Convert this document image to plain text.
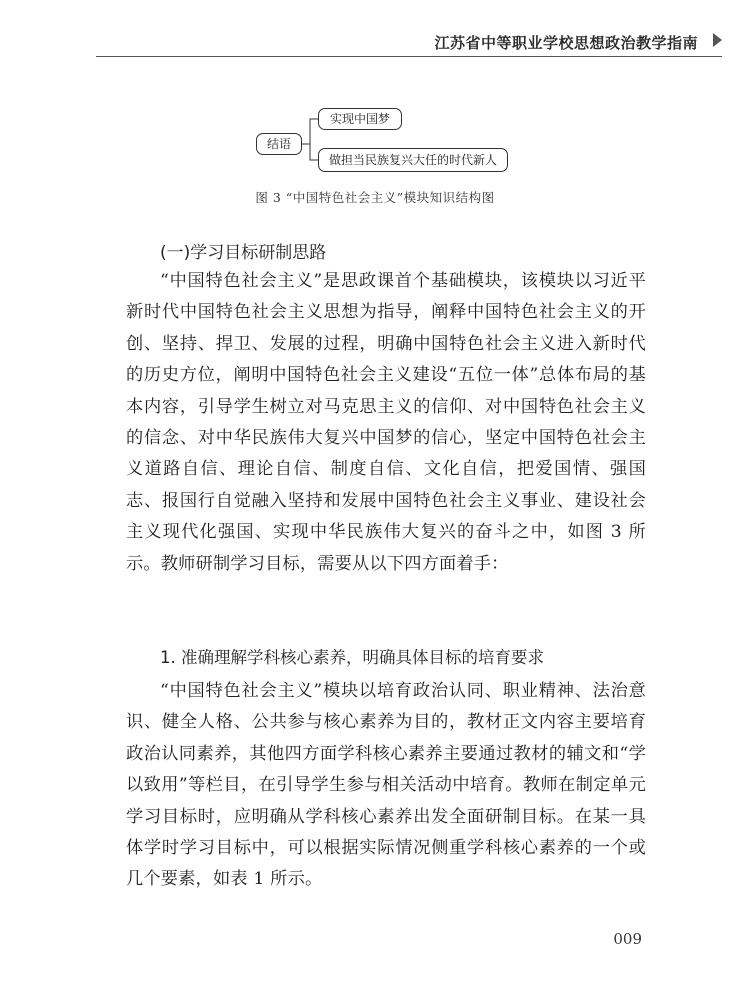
江苏省中等职业学校思想政治教学指南
结语
实现中国梦
做担当民族复兴大任的时代新人
图 3 “中国特色社会主义”模块知识结构图
(一)学习目标研制思路
“中国特色社会主义”是思政课首个基础模块，该模块以习近平新时代中国特色社会主义思想为指导，阐释中国特色社会主义的开创、坚持、捍卫、发展的过程，明确中国特色社会主义进入新时代的历史方位，阐明中国特色社会主义建设“五位一体”总体布局的基本内容，引导学生树立对马克思主义的信仰、对中国特色社会主义的信念、对中华民族伟大复兴中国梦的信心，坚定中国特色社会主义道路自信、理论自信、制度自信、文化自信，把爱国情、强国志、报国行自觉融入坚持和发展中国特色社会主义事业、建设社会主义现代化强国、实现中华民族伟大复兴的奋斗之中，如图 3 所示。教师研制学习目标，需要从以下四方面着手：
1. 准确理解学科核心素养，明确具体目标的培育要求
“中国特色社会主义”模块以培育政治认同、职业精神、法治意识、健全人格、公共参与核心素养为目的，教材正文内容主要培育政治认同素养，其他四方面学科核心素养主要通过教材的辅文和“学以致用”等栏目，在引导学生参与相关活动中培育。教师在制定单元学习目标时，应明确从学科核心素养出发全面研制目标。在某一具体学时学习目标中，可以根据实际情况侧重学科核心素养的一个或几个要素，如表 1 所示。
009
